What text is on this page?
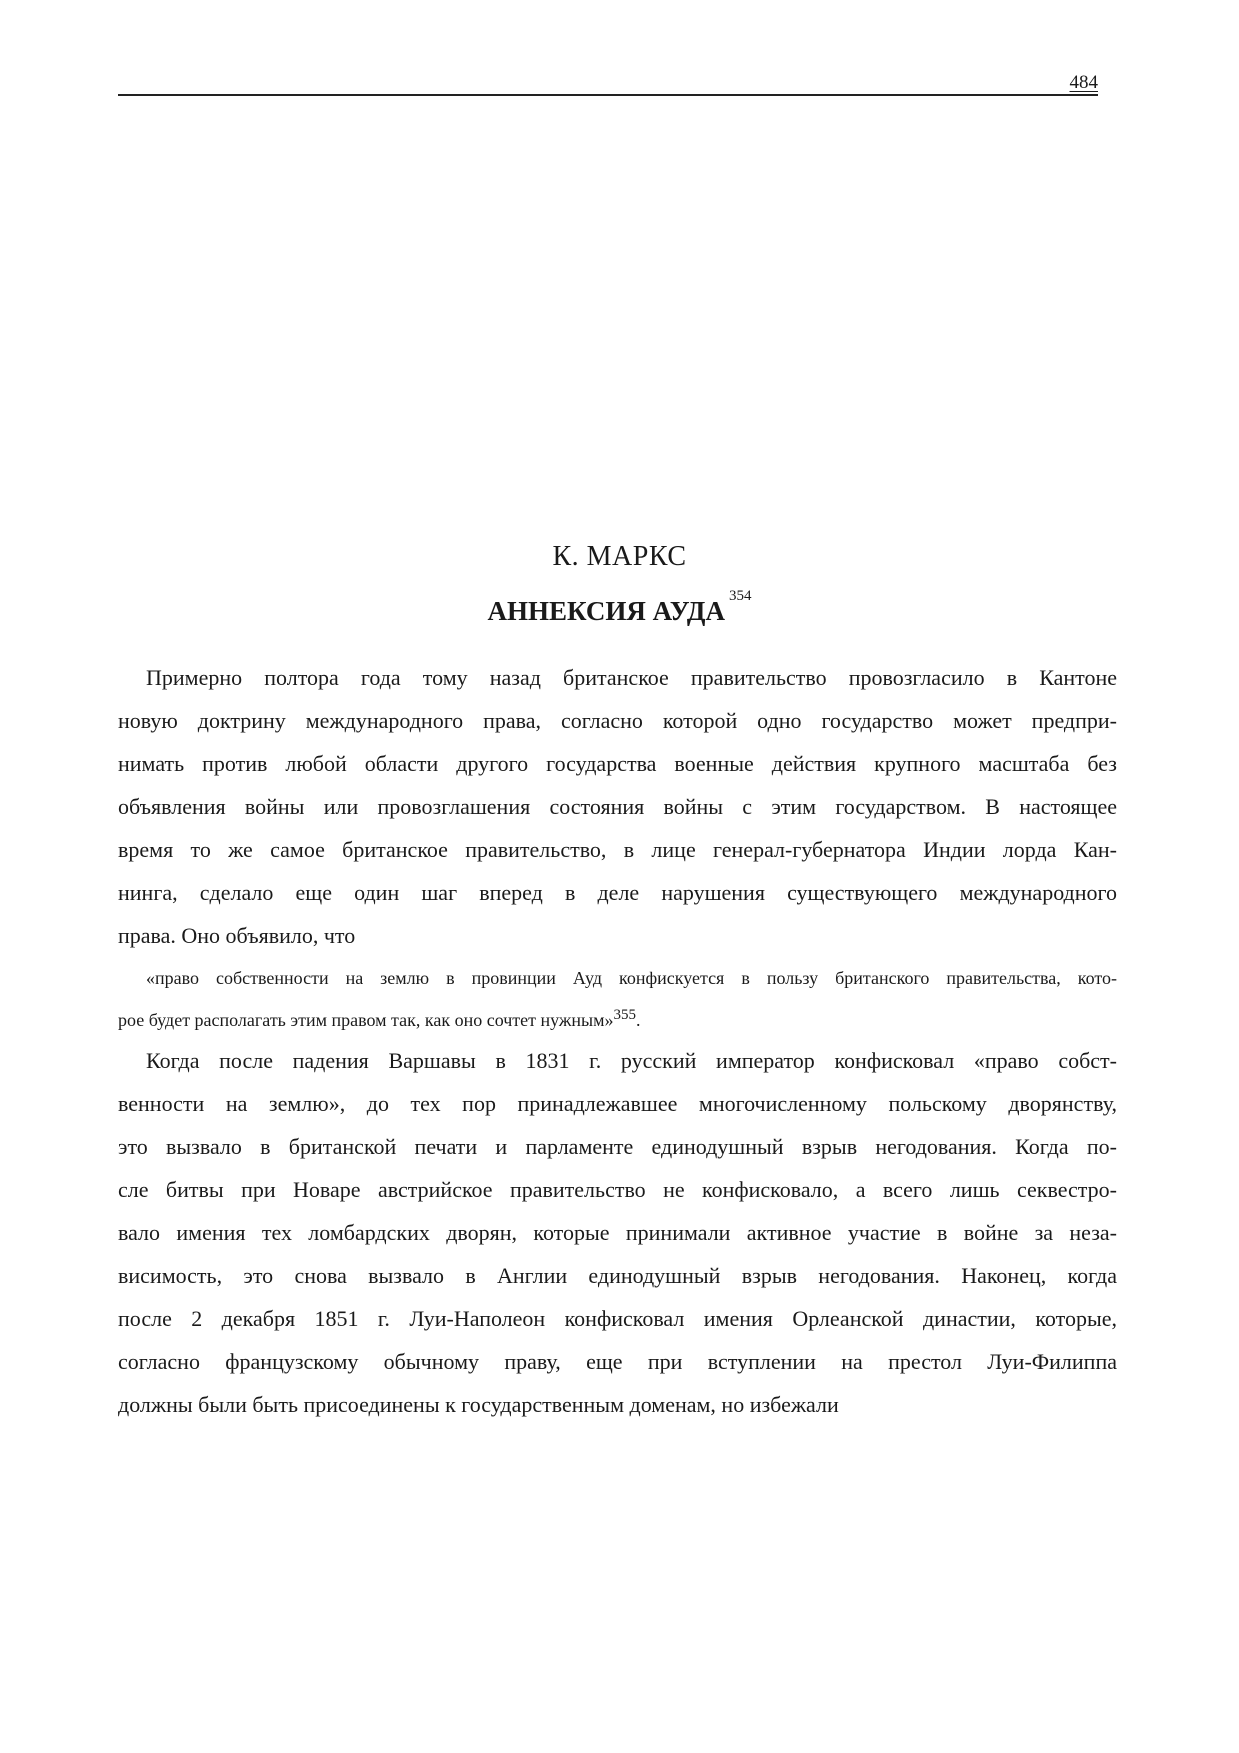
484
К. МАРКС
АННЕКСИЯ АУДА $^{354}$
Примерно полтора года тому назад британское правительство провозгласило в Кантоне
новую доктрину международного права, согласно которой одно государство может предпри-
нимать против любой области другого государства военные действия крупного масштаба без
объявления войны или провозглашения состояния войны с этим государством. В настоящее
время то же самое британское правительство, в лице генерал-губернатора Индии лорда Кан-
нинга, сделало еще один шаг вперед в деле нарушения существующего международного
права. Оно объявило, что
«право собственности на землю в провинции Ауд конфискуется в пользу британского правительства, кото-
рое будет располагать этим правом так, как оно сочтет нужным»$^{355}$.
Когда после падения Варшавы в 1831 г. русский император конфисковал «право собст-
венности на землю», до тех пор принадлежавшее многочисленному польскому дворянству,
это вызвало в британской печати и парламенте единодушный взрыв негодования. Когда по-
сле битвы при Новаре австрийское правительство не конфисковало, а всего лишь секвестро-
вало имения тех ломбардских дворян, которые принимали активное участие в войне за неза-
висимость, это снова вызвало в Англии единодушный взрыв негодования. Наконец, когда
после 2 декабря 1851 г. Луи-Наполеон конфисковал имения Орлеанской династии, которые,
согласно французскому обычному праву, еще при вступлении на престол Луи-Филиппа
должны были быть присоединены к государственным доменам, но избежали
